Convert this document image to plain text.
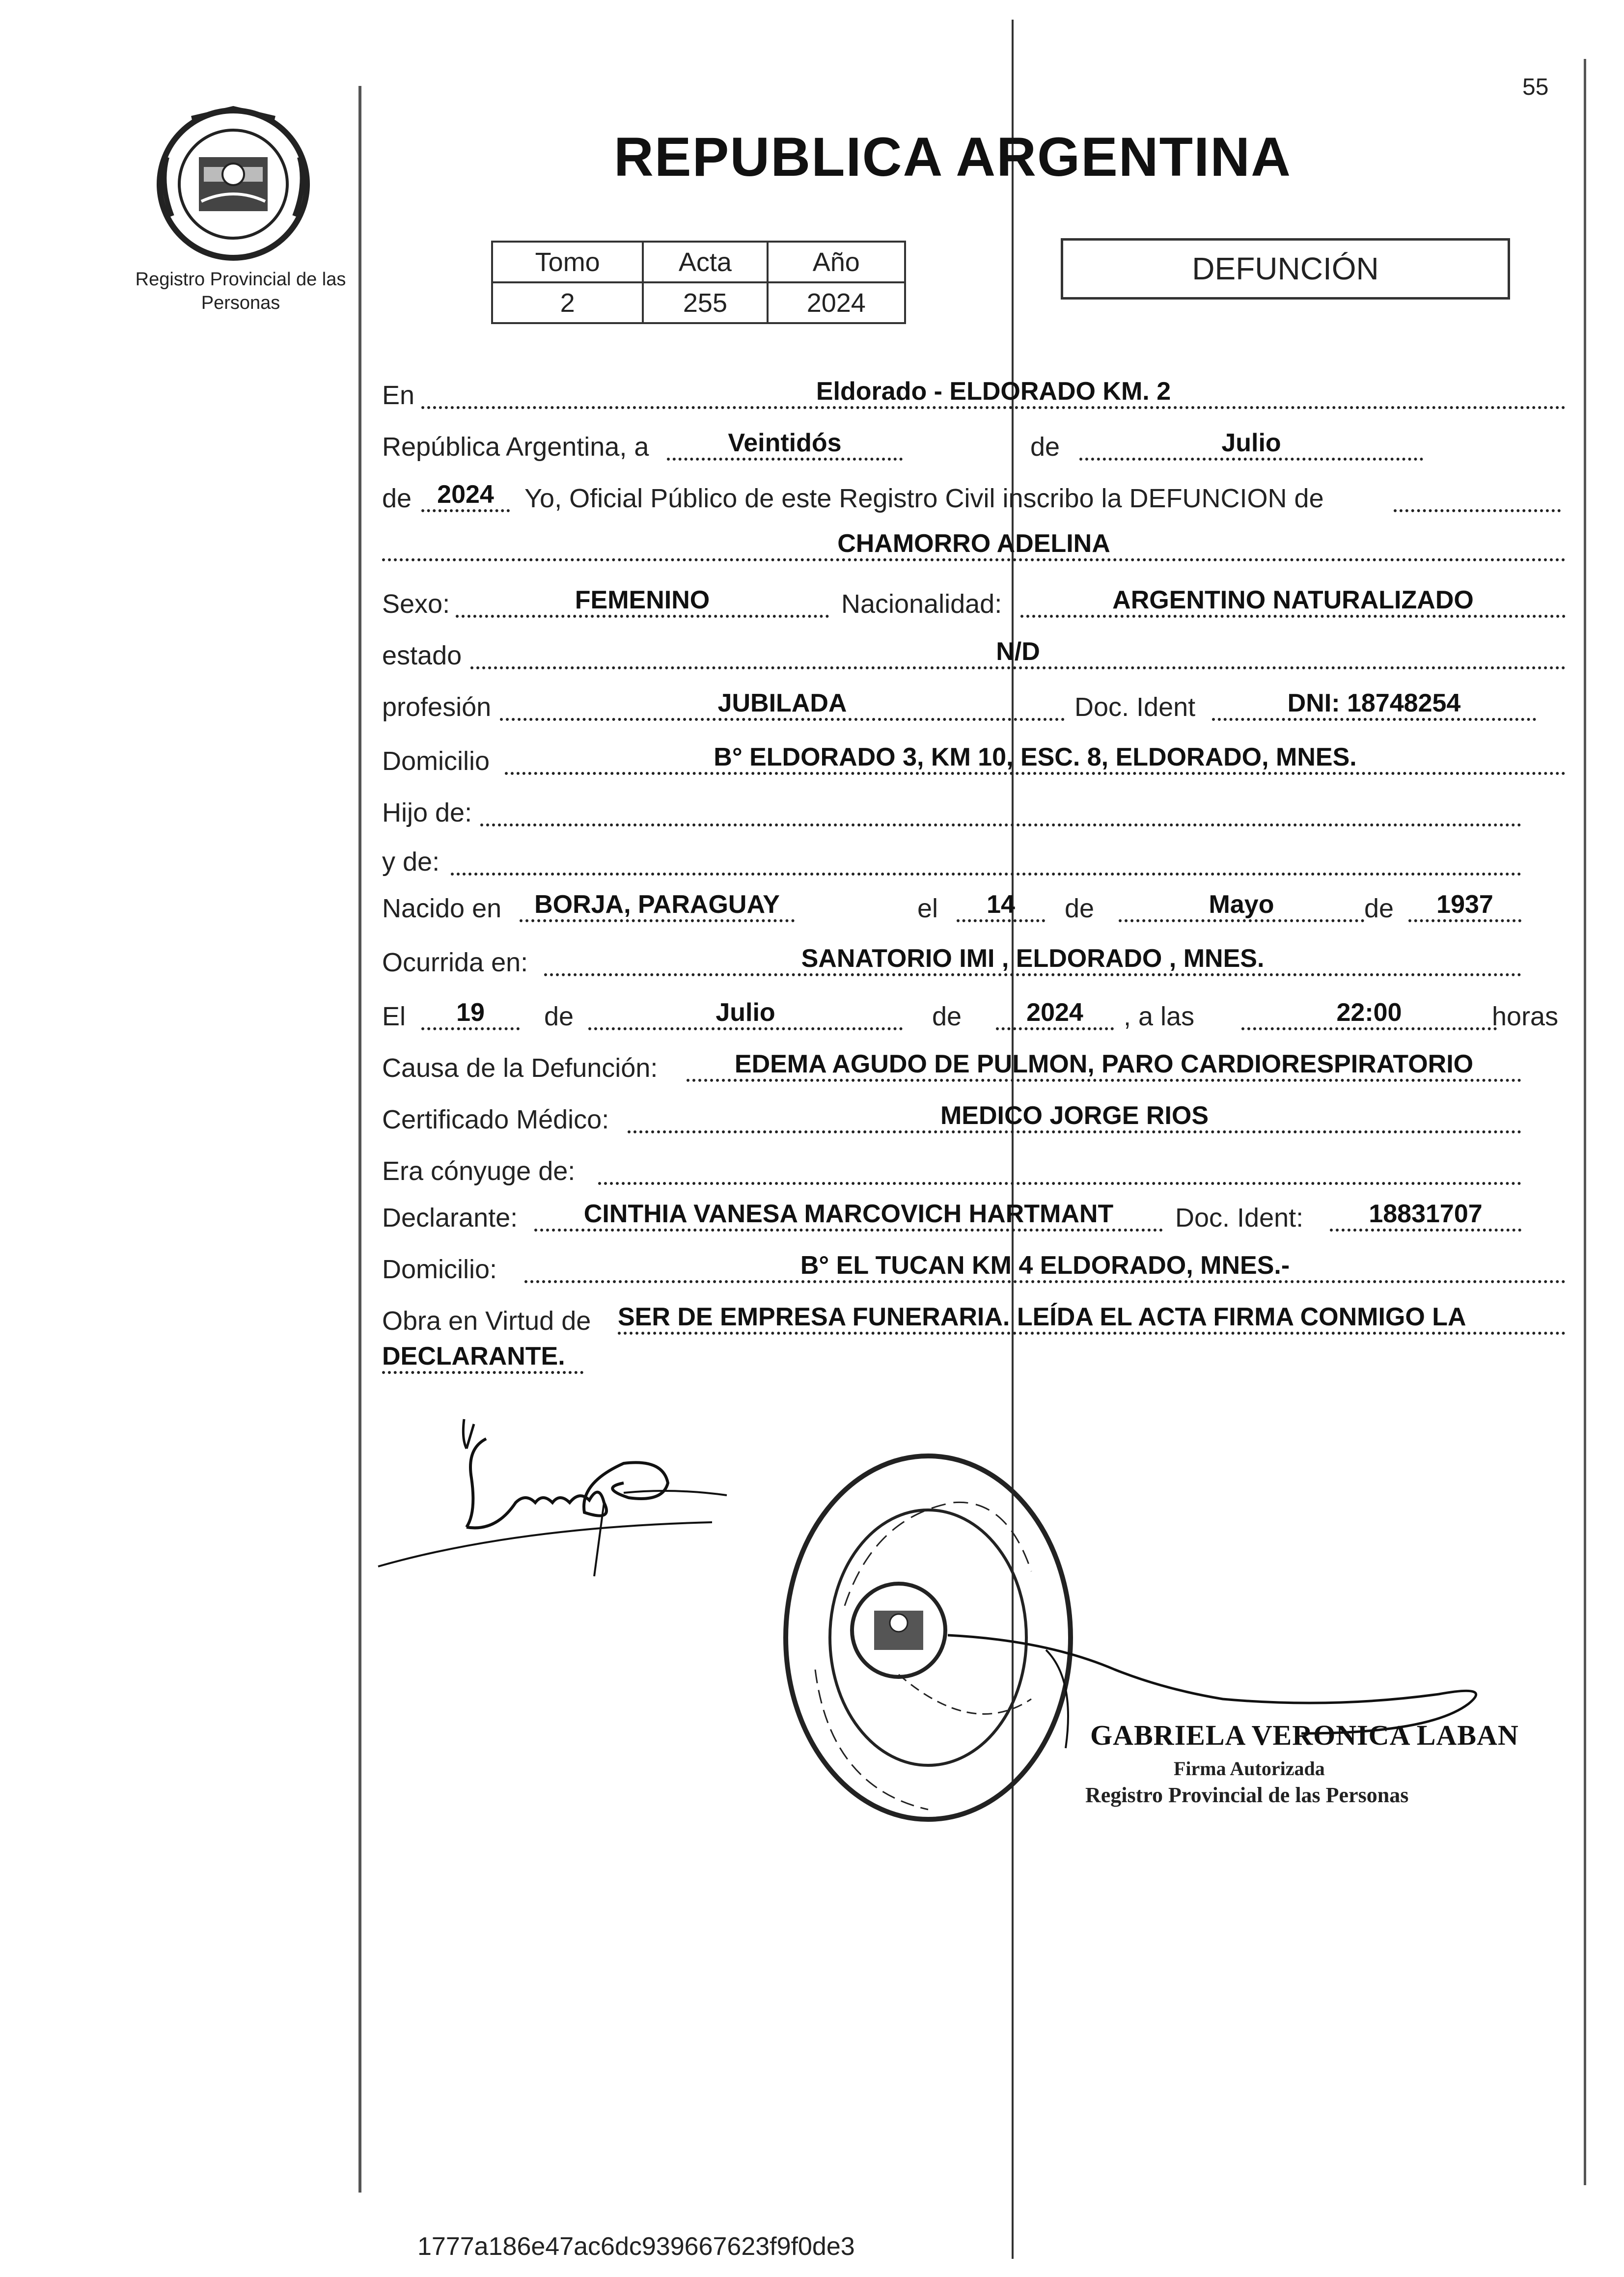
Registro Provincial de las Personas
55
REPUBLICA ARGENTINA
Tomo	Acta	Año
2	255	2024
DEFUNCIÓN
En	Eldorado - ELDORADO KM. 2
República Argentina, a	Veintidós	de	Julio
de	2024	Yo, Oficial Público de este Registro Civil inscribo la DEFUNCION de
CHAMORRO ADELINA
Sexo:	FEMENINO	Nacionalidad:	ARGENTINO NATURALIZADO
estado	N/D
profesión	JUBILADA	Doc. Ident	DNI: 18748254
Domicilio	B° ELDORADO 3, KM 10, ESC. 8, ELDORADO, MNES.
Hijo de:
y de:
Nacido en	BORJA, PARAGUAY	el	14	de	Mayo	de	1937
Ocurrida en:	SANATORIO IMI , ELDORADO , MNES.
El	19	de	Julio	de	2024	, a las	22:00	horas
Causa de la Defunción:	EDEMA AGUDO DE PULMON, PARO CARDIORESPIRATORIO
Certificado Médico:	MEDICO JORGE RIOS
Era cónyuge de:
Declarante:	CINTHIA VANESA MARCOVICH HARTMANT	Doc. Ident:	18831707
Domicilio:	B° EL TUCAN KM 4 ELDORADO, MNES.-
Obra en Virtud de SER DE EMPRESA FUNERARIA. LEÍDA EL ACTA FIRMA CONMIGO LA
DECLARANTE.
GABRIELA VERONICA LABAN
Firma Autorizada
Registro Provincial de las Personas
1777a186e47ac6dc939667623f9f0de3
